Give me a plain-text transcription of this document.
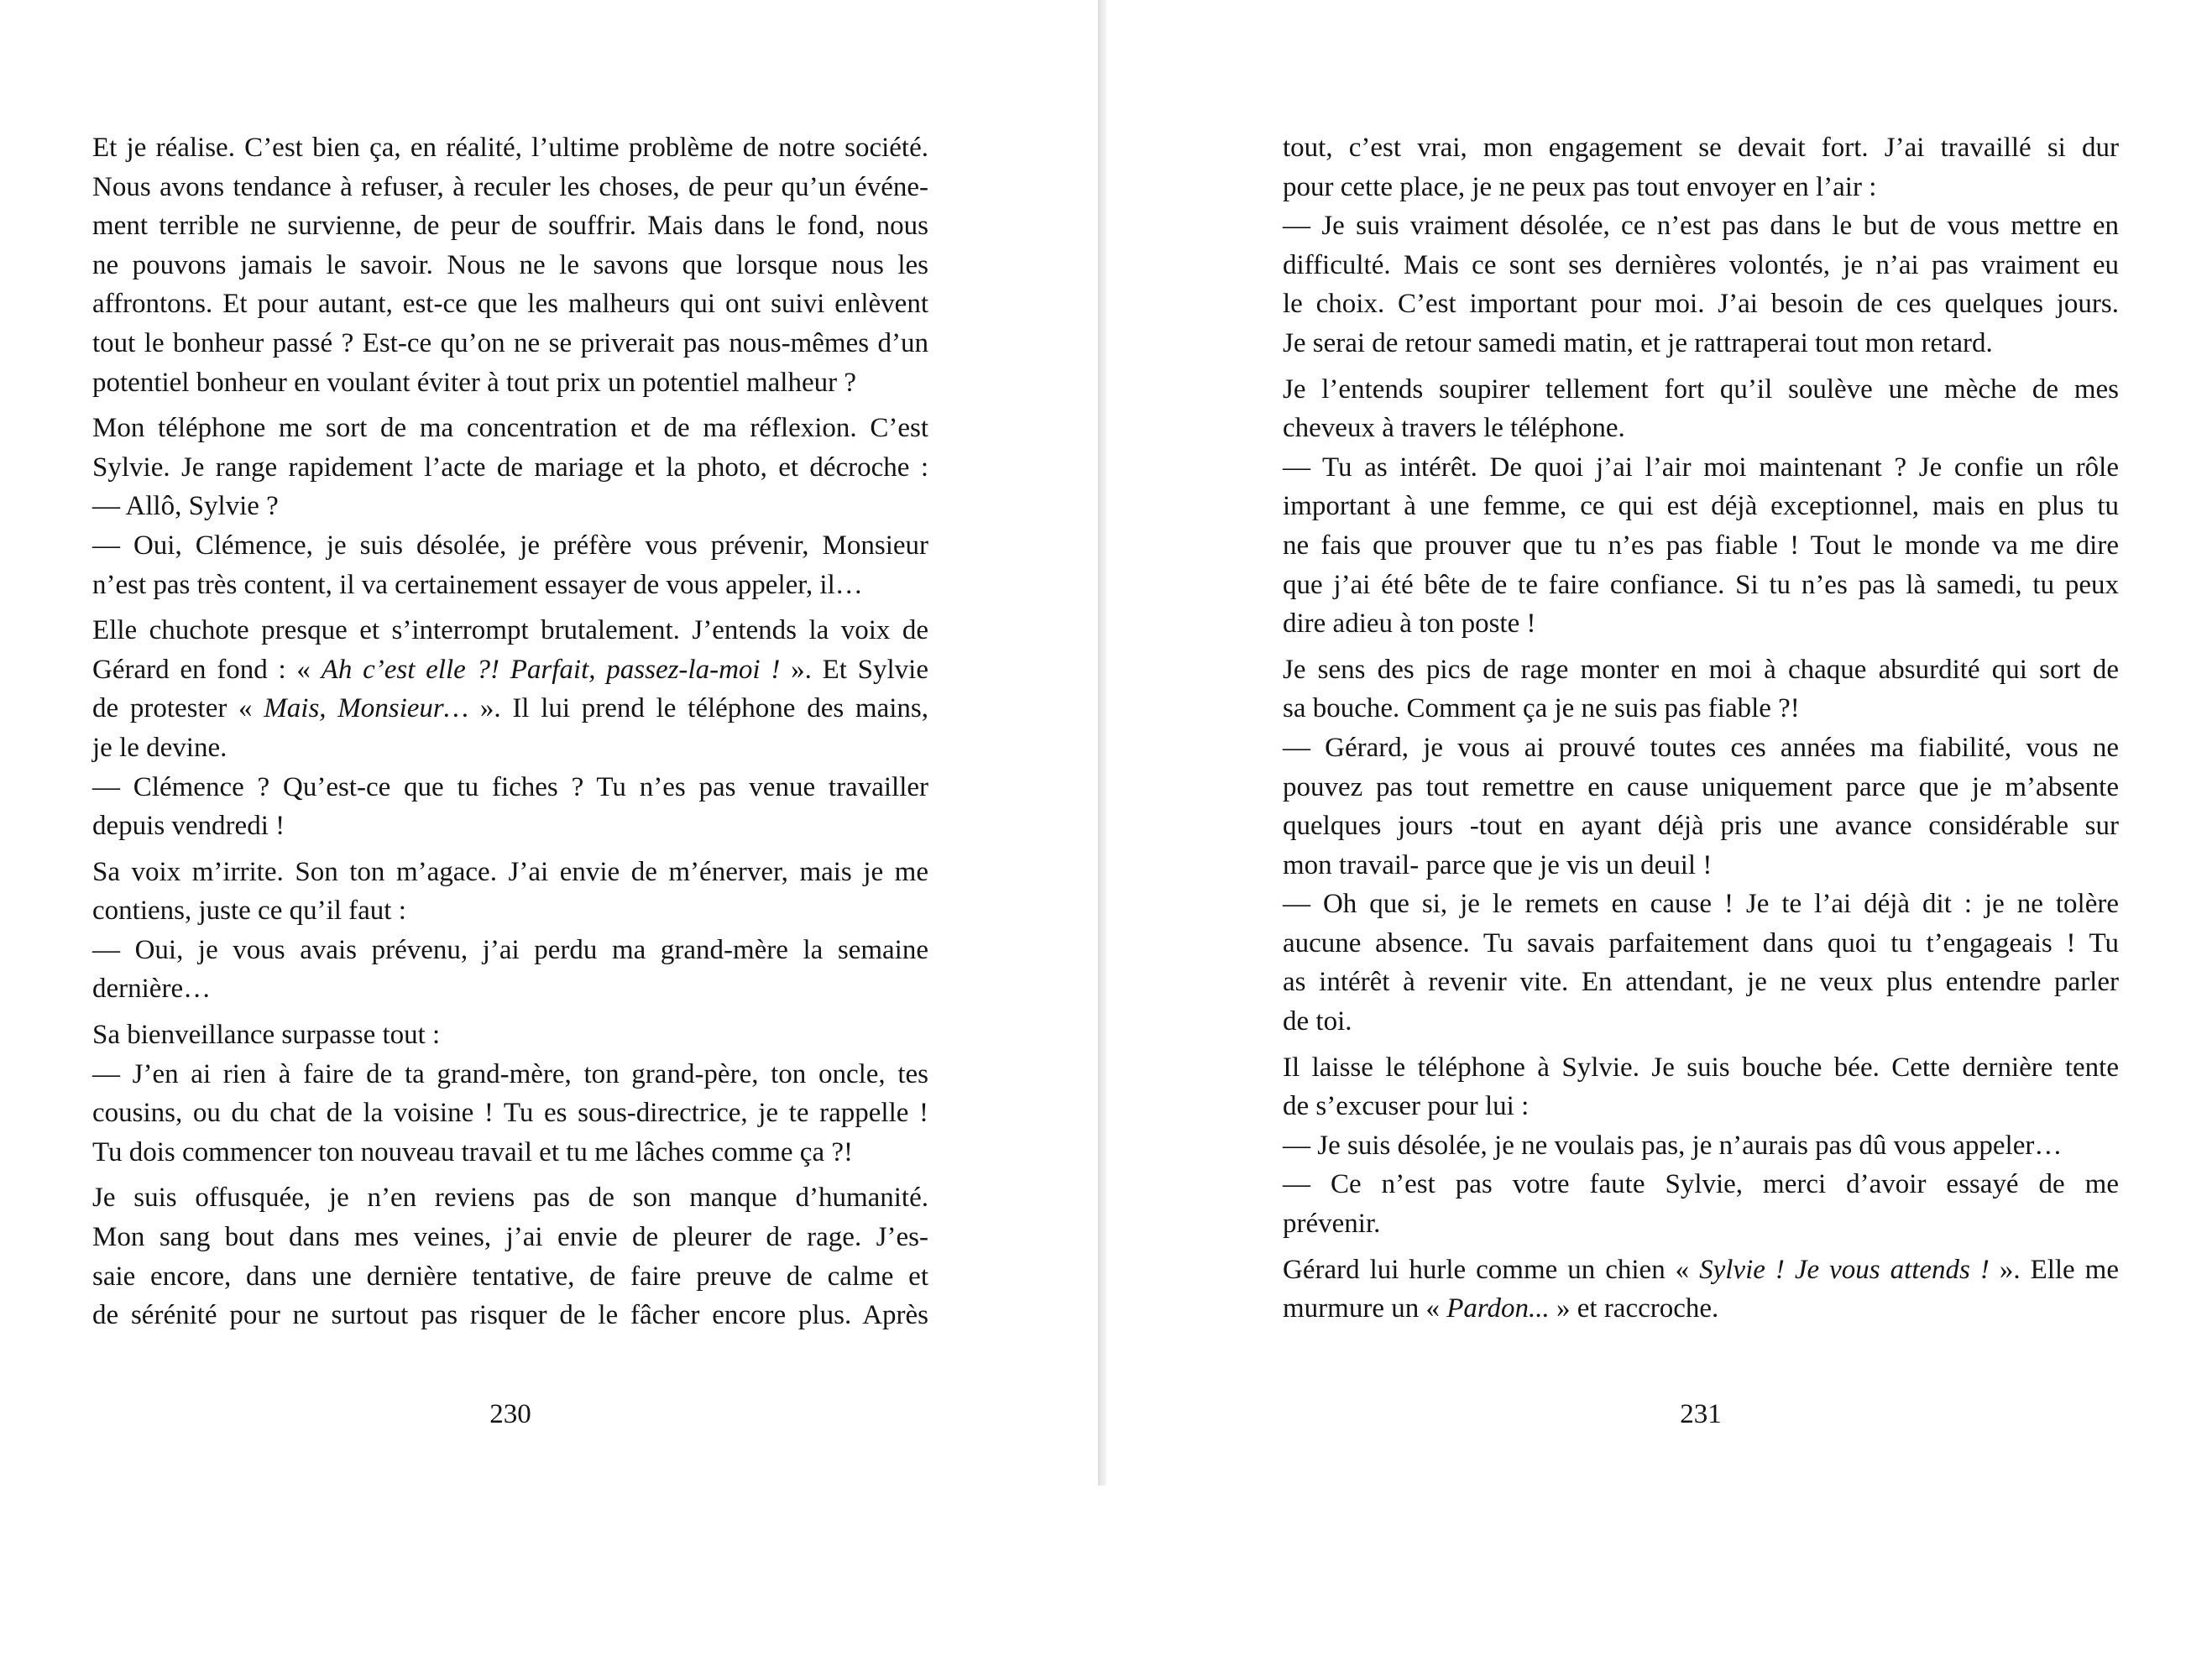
Et je réalise. C’est bien ça, en réalité, l’ultime problème de notre société.
Nous avons tendance à refuser, à reculer les choses, de peur qu’un événe-
ment terrible ne survienne, de peur de souffrir. Mais dans le fond, nous
ne pouvons jamais le savoir. Nous ne le savons que lorsque nous les
affrontons. Et pour autant, est-ce que les malheurs qui ont suivi enlèvent
tout le bonheur passé ? Est-ce qu’on ne se priverait pas nous-mêmes d’un
potentiel bonheur en voulant éviter à tout prix un potentiel malheur ?

Mon téléphone me sort de ma concentration et de ma réflexion. C’est
Sylvie. Je range rapidement l’acte de mariage et la photo, et décroche :
— Allô, Sylvie ?
— Oui, Clémence, je suis désolée, je préfère vous prévenir, Monsieur
n’est pas très content, il va certainement essayer de vous appeler, il…

Elle chuchote presque et s’interrompt brutalement. J’entends la voix de
Gérard en fond : « Ah c’est elle ?! Parfait, passez-la-moi ! ». Et Sylvie
de protester « Mais, Monsieur… ». Il lui prend le téléphone des mains,
je le devine.
— Clémence ? Qu’est-ce que tu fiches ? Tu n’es pas venue travailler
depuis vendredi !

Sa voix m’irrite. Son ton m’agace. J’ai envie de m’énerver, mais je me
contiens, juste ce qu’il faut :
— Oui, je vous avais prévenu, j’ai perdu ma grand-mère la semaine
dernière…

Sa bienveillance surpasse tout :
— J’en ai rien à faire de ta grand-mère, ton grand-père, ton oncle, tes
cousins, ou du chat de la voisine ! Tu es sous-directrice, je te rappelle !
Tu dois commencer ton nouveau travail et tu me lâches comme ça ?!

Je suis offusquée, je n’en reviens pas de son manque d’humanité.
Mon sang bout dans mes veines, j’ai envie de pleurer de rage. J’es-
saie encore, dans une dernière tentative, de faire preuve de calme et
de sérénité pour ne surtout pas risquer de le fâcher encore plus. Après

230

tout, c’est vrai, mon engagement se devait fort. J’ai travaillé si dur
pour cette place, je ne peux pas tout envoyer en l’air :
— Je suis vraiment désolée, ce n’est pas dans le but de vous mettre en
difficulté. Mais ce sont ses dernières volontés, je n’ai pas vraiment eu
le choix. C’est important pour moi. J’ai besoin de ces quelques jours.
Je serai de retour samedi matin, et je rattraperai tout mon retard.

Je l’entends soupirer tellement fort qu’il soulève une mèche de mes
cheveux à travers le téléphone.
— Tu as intérêt. De quoi j’ai l’air moi maintenant ? Je confie un rôle
important à une femme, ce qui est déjà exceptionnel, mais en plus tu
ne fais que prouver que tu n’es pas fiable ! Tout le monde va me dire
que j’ai été bête de te faire confiance. Si tu n’es pas là samedi, tu peux
dire adieu à ton poste !

Je sens des pics de rage monter en moi à chaque absurdité qui sort de
sa bouche. Comment ça je ne suis pas fiable ?!
— Gérard, je vous ai prouvé toutes ces années ma fiabilité, vous ne
pouvez pas tout remettre en cause uniquement parce que je m’absente
quelques jours -tout en ayant déjà pris une avance considérable sur
mon travail- parce que je vis un deuil !
— Oh que si, je le remets en cause ! Je te l’ai déjà dit : je ne tolère
aucune absence. Tu savais parfaitement dans quoi tu t’engageais ! Tu
as intérêt à revenir vite. En attendant, je ne veux plus entendre parler
de toi.

Il laisse le téléphone à Sylvie. Je suis bouche bée. Cette dernière tente
de s’excuser pour lui :
— Je suis désolée, je ne voulais pas, je n’aurais pas dû vous appeler…
— Ce n’est pas votre faute Sylvie, merci d’avoir essayé de me
prévenir.

Gérard lui hurle comme un chien « Sylvie ! Je vous attends ! ». Elle me
murmure un « Pardon... » et raccroche.

231
